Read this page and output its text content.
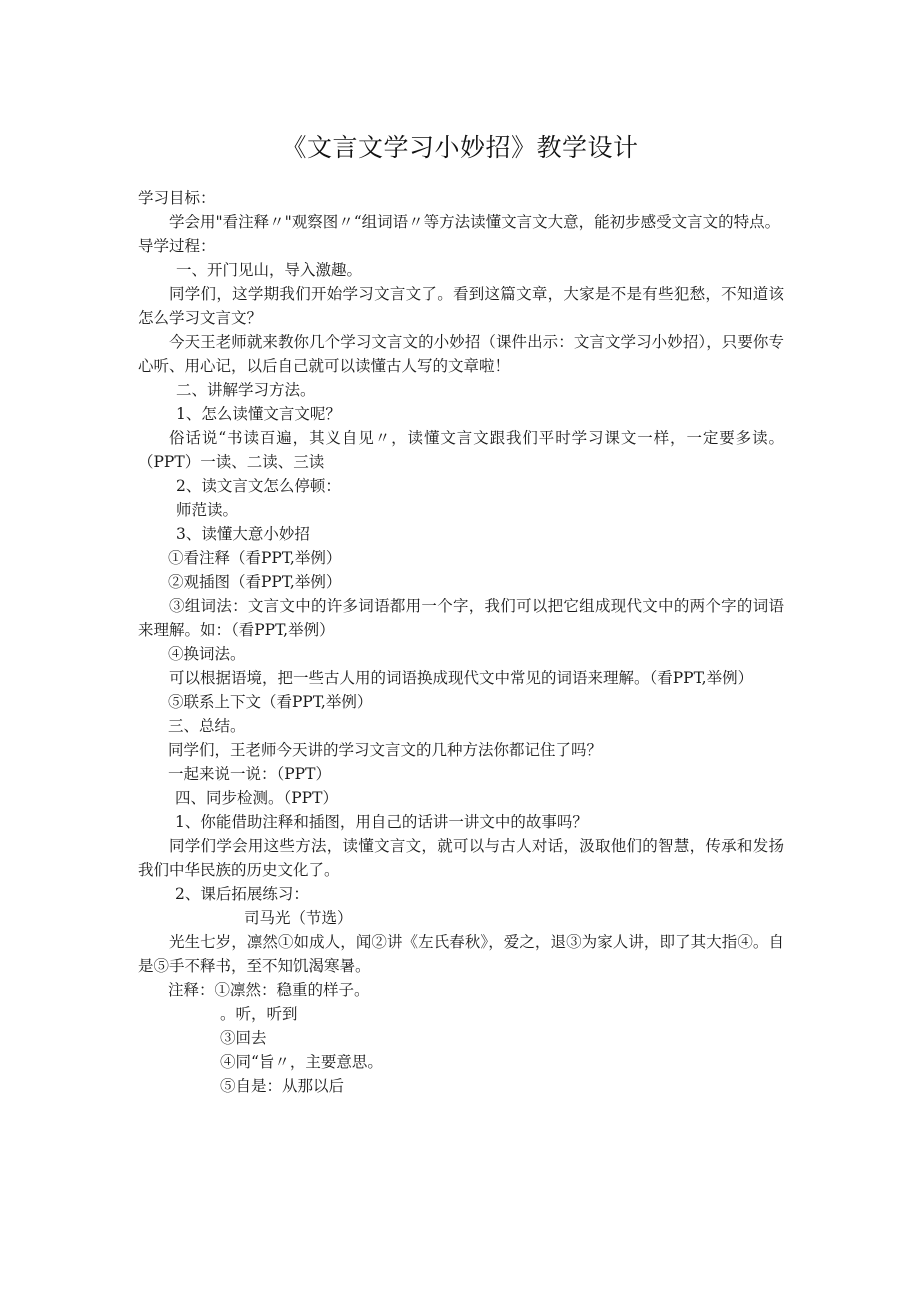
《文言文学习小妙招》教学设计

学习目标：

学会用"看注释〃"观察图〃“组词语〃等方法读懂文言文大意，能初步感受文言文的特点。

导学过程：

一、开门见山，导入激趣。

同学们，这学期我们开始学习文言文了。看到这篇文章，大家是不是有些犯愁，不知道该怎么学习文言文？

今天王老师就来教你几个学习文言文的小妙招（课件出示：文言文学习小妙招），只要你专心听、用心记，以后自己就可以读懂古人写的文章啦！

二、讲解学习方法。

1、怎么读懂文言文呢？

俗话说“书读百遍，其义自见〃，读懂文言文跟我们平时学习课文一样，一定要多读。（PPT）一读、二读、三读

2、读文言文怎么停顿：

师范读。

3、读懂大意小妙招

①看注释（看PPT,举例）

②观插图（看PPT,举例）

③组词法：文言文中的许多词语都用一个字，我们可以把它组成现代文中的两个字的词语来理解。如：（看PPT,举例）

④换词法。

可以根据语境，把一些古人用的词语换成现代文中常见的词语来理解。（看PPT,举例）

⑤联系上下文（看PPT,举例）

三、总结。

同学们，王老师今天讲的学习文言文的几种方法你都记住了吗？

一起来说一说：（PPT）

四、同步检测。（PPT）

1、你能借助注释和插图，用自己的话讲一讲文中的故事吗？

同学们学会用这些方法，读懂文言文，就可以与古人对话，汲取他们的智慧，传承和发扬我们中华民族的历史文化了。

2、课后拓展练习：

司马光（节选）

光生七岁，凛然①如成人，闻②讲《左氏春秋》，爱之，退③为家人讲，即了其大指④。自是⑤手不释书，至不知饥渴寒暑。

注释：①凛然：稳重的样子。

。听，听到

③回去

④同“旨〃，主要意思。

⑤自是：从那以后
